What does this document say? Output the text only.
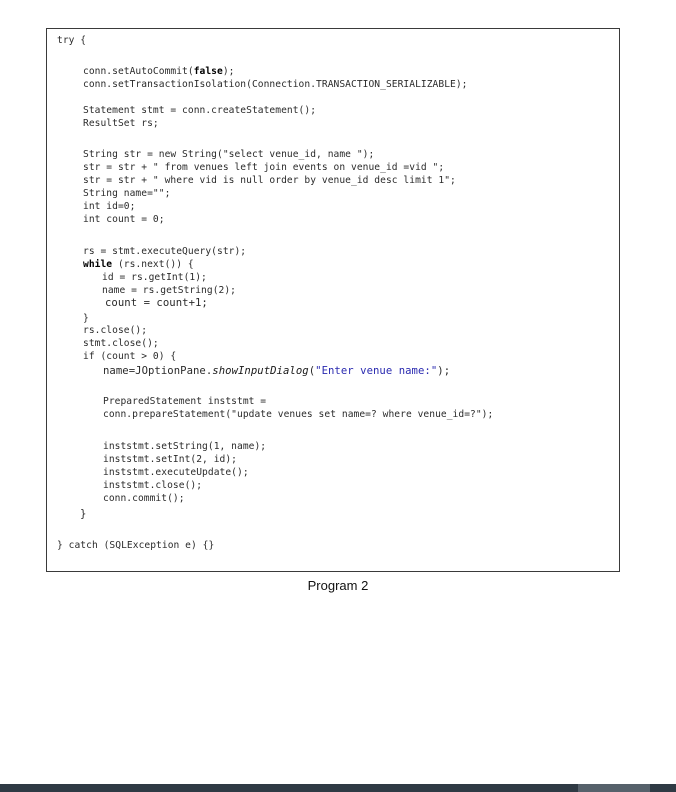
try {
conn.setAutoCommit(false);
conn.setTransactionIsolation(Connection.TRANSACTION_SERIALIZABLE);
Statement stmt = conn.createStatement();
ResultSet rs;
String str = new String("select venue_id, name ");
str = str + " from venues left join events on venue_id =vid ";
str = str + " where vid is null order by venue_id desc limit 1";
String name="";
int id=0;
int count = 0;
rs = stmt.executeQuery(str);
while (rs.next()) {
id = rs.getInt(1);
name = rs.getString(2);
count = count+1;
}
rs.close();
stmt.close();
if (count > 0) {
name=JOptionPane.showInputDialog("Enter venue name:");
PreparedStatement inststmt =
conn.prepareStatement("update venues set name=? where venue_id=?");
inststmt.setString(1, name);
inststmt.setInt(2, id);
inststmt.executeUpdate();
inststmt.close();
conn.commit();
}
} catch (SQLException e) {}
Program 2
